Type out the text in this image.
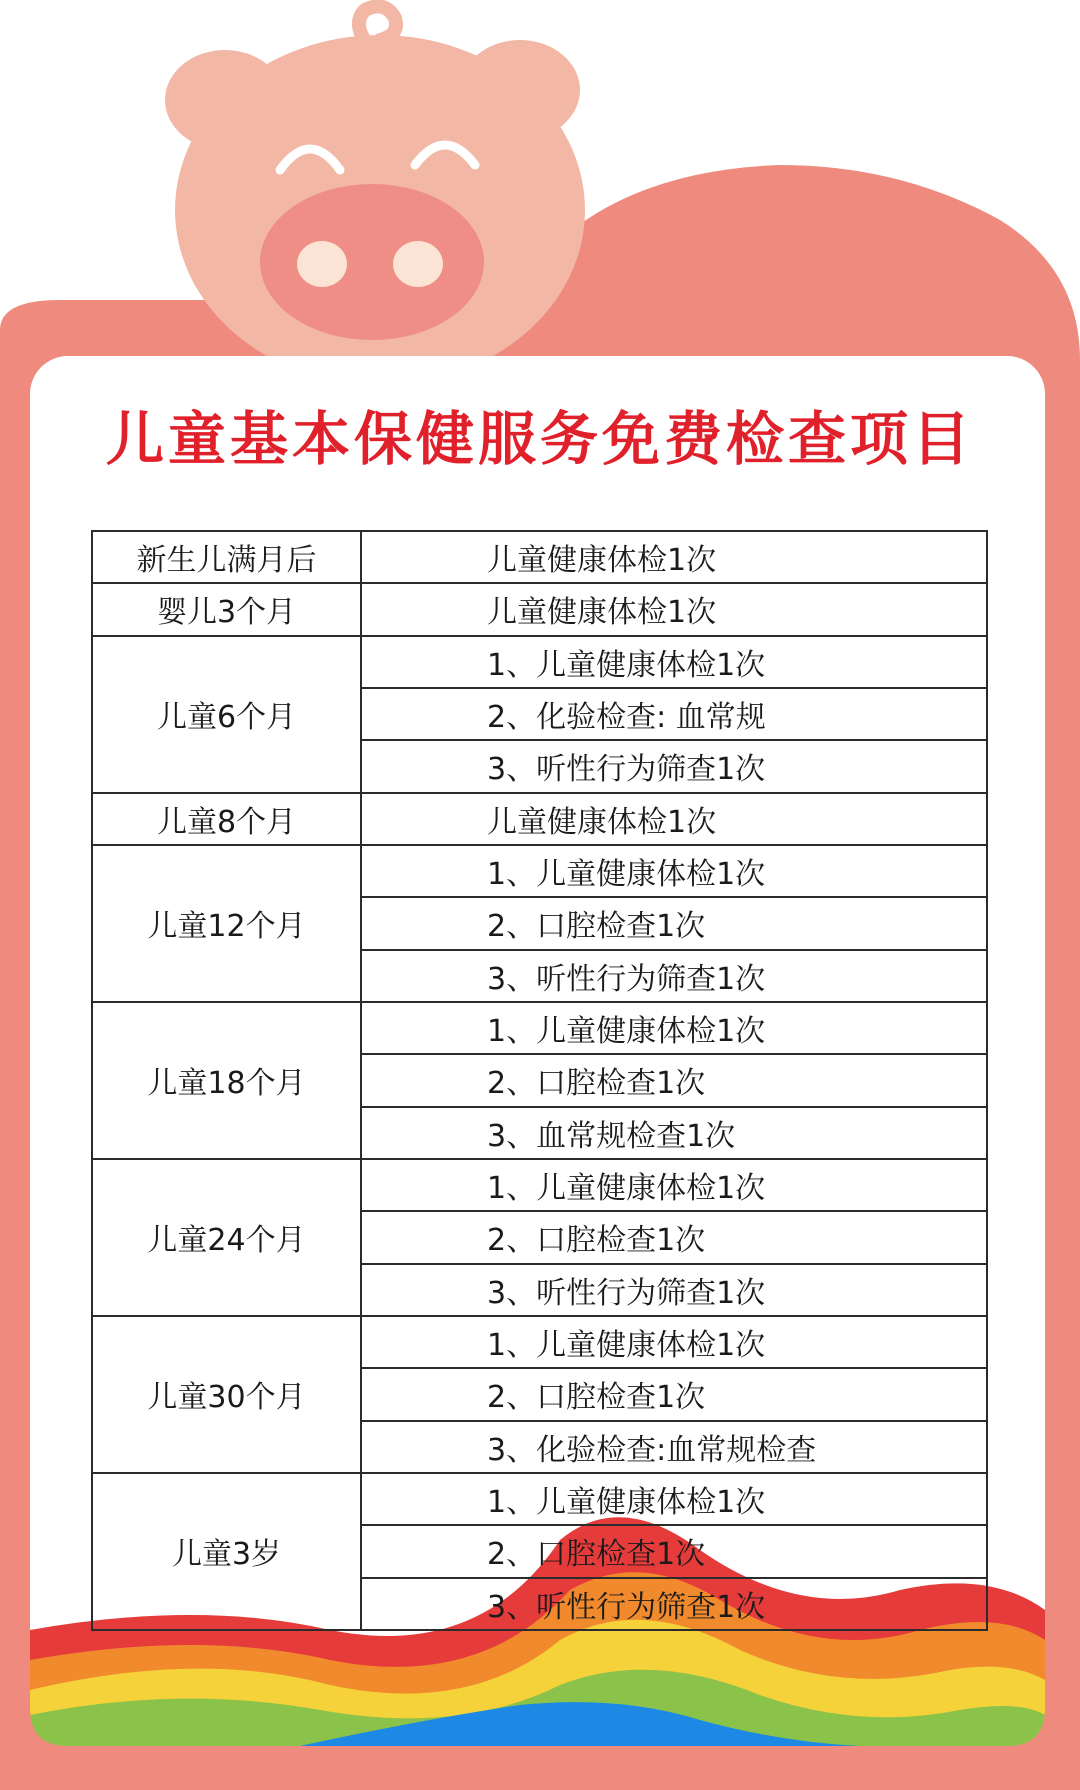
儿童基本保健服务免费检查项目
新生儿满月后	儿童健康体检1次
婴儿3个月	儿童健康体检1次
儿童6个月	1、儿童健康体检1次
	2、化验检查: 血常规
	3、听性行为筛查1次
儿童8个月	儿童健康体检1次
儿童12个月	1、儿童健康体检1次
	2、口腔检查1次
	3、听性行为筛查1次
儿童18个月	1、儿童健康体检1次
	2、口腔检查1次
	3、血常规检查1次
儿童24个月	1、儿童健康体检1次
	2、口腔检查1次
	3、听性行为筛查1次
儿童30个月	1、儿童健康体检1次
	2、口腔检查1次
	3、化验检查:血常规检查
儿童3岁	1、儿童健康体检1次
	2、口腔检查1次
	3、听性行为筛查1次
